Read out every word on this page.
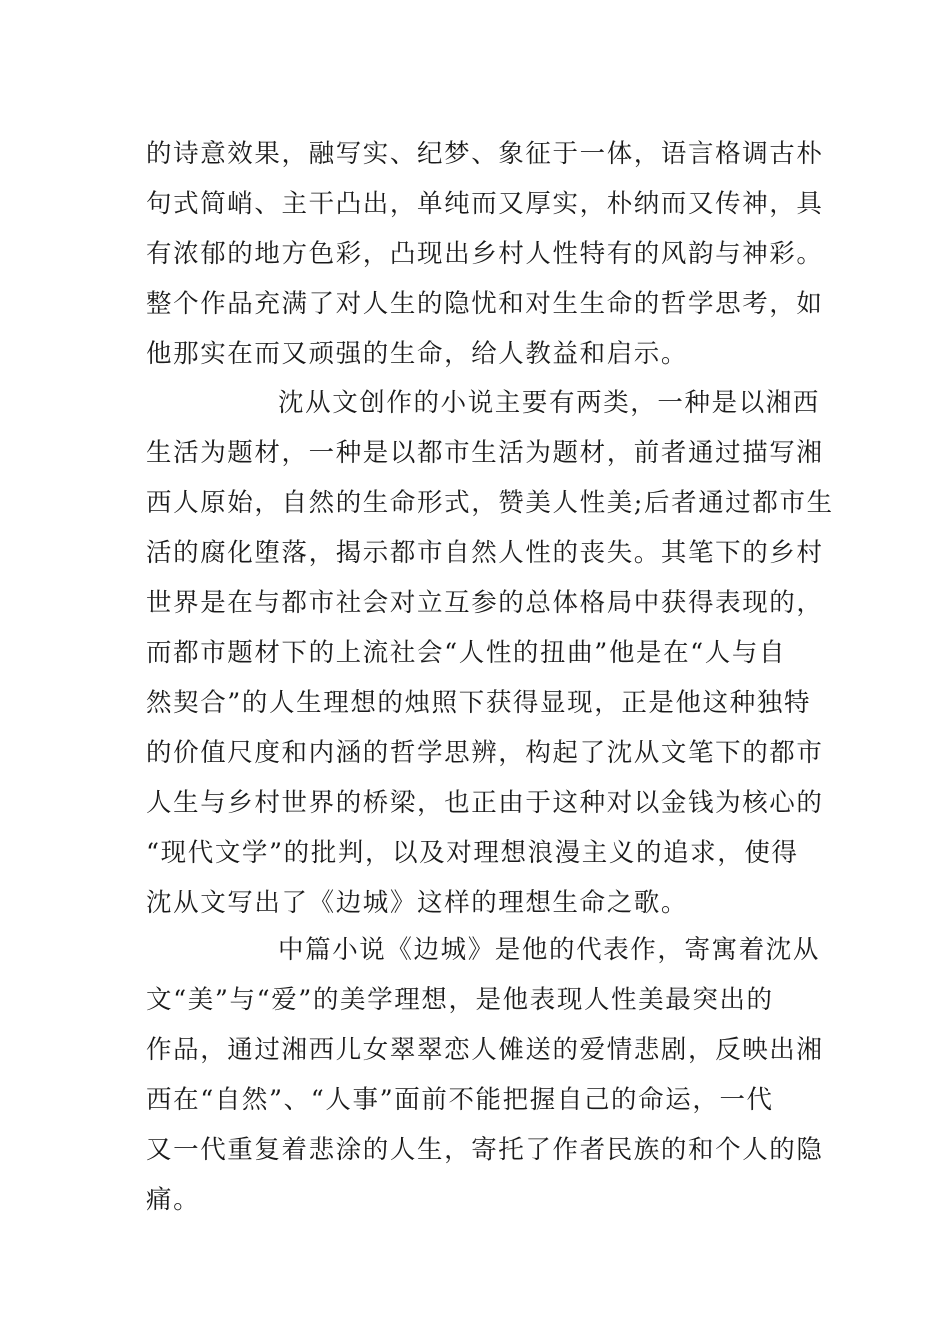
的诗意效果，融写实、纪梦、象征于一体，语言格调古朴
句式简峭、主干凸出，单纯而又厚实，朴纳而又传神，具
有浓郁的地方色彩，凸现出乡村人性特有的风韵与神彩。
整个作品充满了对人生的隐忧和对生生命的哲学思考，如
他那实在而又顽强的生命，给人教益和启示。
沈从文创作的小说主要有两类，一种是以湘西
生活为题材，一种是以都市生活为题材，前者通过描写湘
西人原始，自然的生命形式，赞美人性美;后者通过都市生
活的腐化堕落，揭示都市自然人性的丧失。其笔下的乡村
世界是在与都市社会对立互参的总体格局中获得表现的，
而都市题材下的上流社会“人性的扭曲”他是在“人与自
然契合”的人生理想的烛照下获得显现，正是他这种独特
的价值尺度和内涵的哲学思辨，构起了沈从文笔下的都市
人生与乡村世界的桥梁，也正由于这种对以金钱为核心的
“现代文学”的批判，以及对理想浪漫主义的追求，使得
沈从文写出了《边城》这样的理想生命之歌。
中篇小说《边城》是他的代表作，寄寓着沈从
文“美”与“爱”的美学理想，是他表现人性美最突出的
作品，通过湘西儿女翠翠恋人傩送的爱情悲剧，反映出湘
西在“自然”、“人事”面前不能把握自己的命运，一代
又一代重复着悲涂的人生，寄托了作者民族的和个人的隐
痛。
